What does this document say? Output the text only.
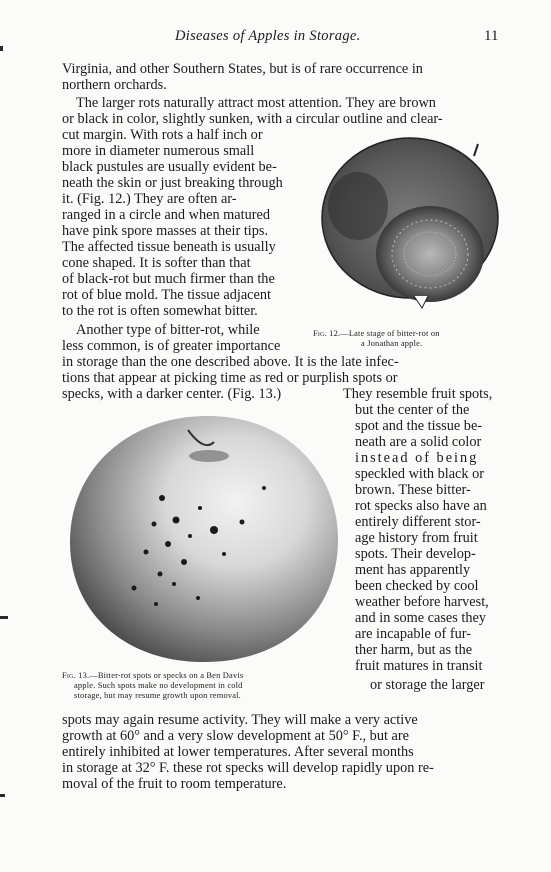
Diseases of Apples in Storage.	11
Virginia, and other Southern States, but is of rare occurrence in
northern orchards.
The larger rots naturally attract most attention. They are brown
or black in color, slightly sunken, with a circular outline and clear-
cut margin. With rots a half inch or
more in diameter numerous small
black pustules are usually evident be-
neath the skin or just breaking through
it. (Fig. 12.) They are often ar-
ranged in a circle and when matured
have pink spore masses at their tips.
The affected tissue beneath is usually
cone shaped. It is softer than that
of black-rot but much firmer than the
rot of blue mold. The tissue adjacent
to the rot is often somewhat bitter.
Another type of bitter-rot, while
less common, is of greater importance
Fig. 12.—Late stage of bitter-rot on
a Jonathan apple.
in storage than the one described above. It is the late infec-
tions that appear at picking time as red or purplish spots or
specks, with a darker center. (Fig. 13.)	They resemble fruit spots,
but the center of the
spot and the tissue be-
neath are a solid color
instead of being
speckled with black or
brown. These bitter-
rot specks also have an
entirely different stor-
age history from fruit
spots. Their develop-
ment has apparently
been checked by cool
weather before harvest,
and in some cases they
are incapable of fur-
ther harm, but as the
fruit matures in transit
or storage the larger
Fig. 13.—Bitter-rot spots or specks on a Ben Davis
apple. Such spots make no development in cold
storage, but may resume growth upon removal.
spots may again resume activity. They will make a very active
growth at 60° and a very slow development at 50° F., but are
entirely inhibited at lower temperatures. After several months
in storage at 32° F. these rot specks will develop rapidly upon re-
moval of the fruit to room temperature.
